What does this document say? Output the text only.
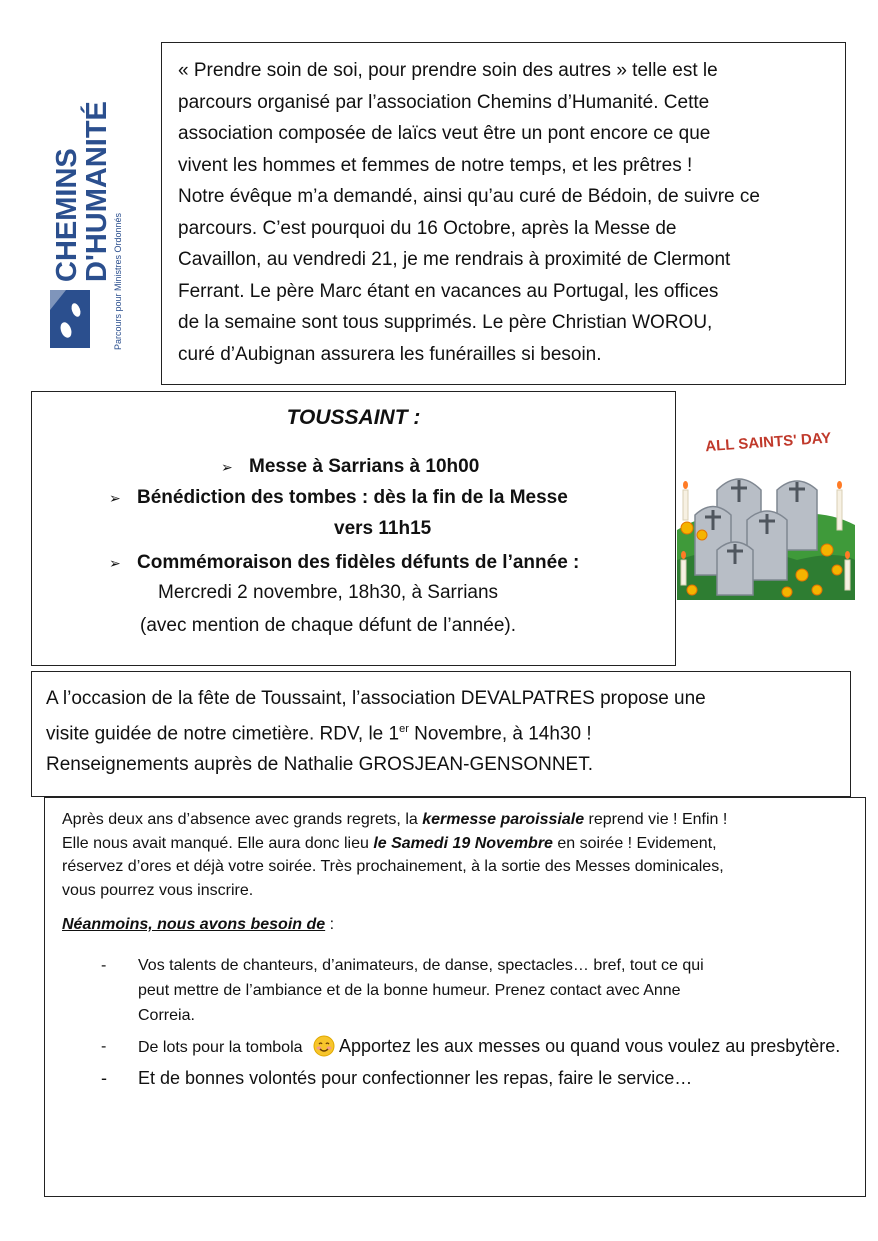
CHEMINS
D'HUMANITÉ Parcours pour Ministres Ordonnés

« Prendre soin de soi, pour prendre soin des autres » telle est le

parcours organisé par l’association Chemins d’Humanité. Cette

association composée de laïcs veut être un pont encore ce que

vivent les hommes et femmes de notre temps, et les prêtres !

Notre évêque m’a demandé, ainsi qu’au curé de Bédoin, de suivre ce

parcours. C’est pourquoi du 16 Octobre, après la Messe de

Cavaillon, au vendredi 21, je me rendrais à proximité de Clermont

Ferrant. Le père Marc étant en vacances au Portugal, les offices

de la semaine sont tous supprimés. Le père Christian WOROU,

curé d’Aubignan assurera les funérailles si besoin.

TOUSSAINT :
➢ Messe à Sarrians à 10h00
➢ Bénédiction des tombes : dès la fin de la Messe
vers 11h15
➢ Commémoraison des fidèles défunts de l’année :
Mercredi 2 novembre, 18h30, à Sarrians
(avec mention de chaque défunt de l’année).
ALL SAINTS' DAY

A l’occasion de la fête de Toussaint, l’association DEVALPATRES propose une

visite guidée de notre cimetière. RDV, le 1er Novembre, à 14h30 !

Renseignements auprès de Nathalie GROSJEAN-GENSONNET.

Après deux ans d’absence avec grands regrets, la kermesse paroissiale reprend vie ! Enfin !

Elle nous avait manqué. Elle aura donc lieu le Samedi 19 Novembre en soirée ! Evidement,

réservez d’ores et déjà votre soirée. Très prochainement, à la sortie des Messes dominicales,

vous pourrez vous inscrire.

Néanmoins, nous avons besoin de :

- Vos talents de chanteurs, d’animateurs, de danse, spectacles… bref, tout ce qui
peut mettre de l’ambiance et de la bonne humeur. Prenez contact avec Anne
Correia.
- De lots pour la tombola Apportez les aux messes ou quand vous voulez au presbytère.
- Et de bonnes volontés pour confectionner les repas, faire le service…
